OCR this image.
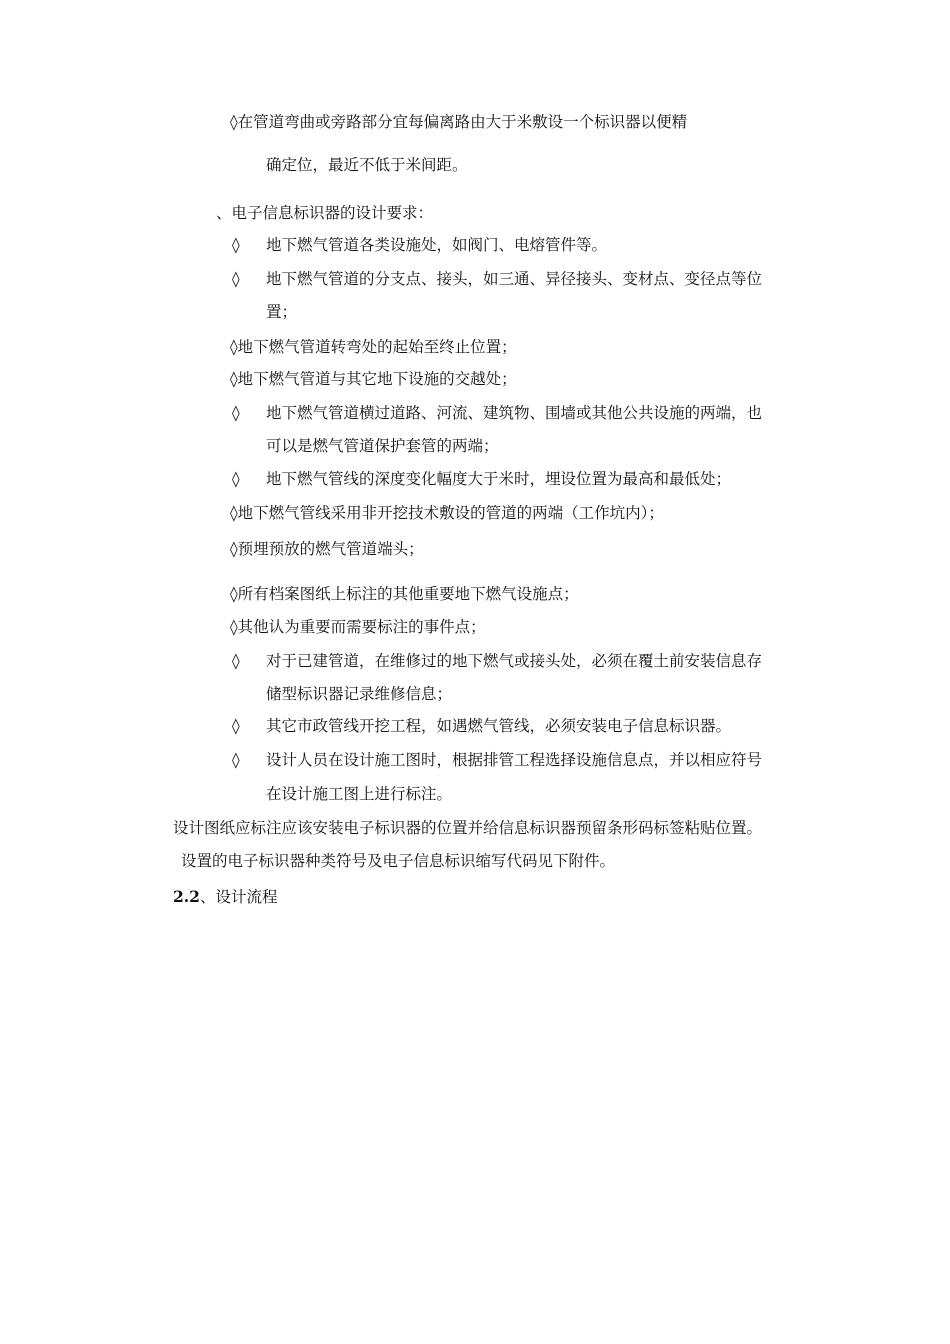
◊在管道弯曲或旁路部分宜每偏离路由大于米敷设一个标识器以便精
确定位，最近不低于米间距。
、电子信息标识器的设计要求：
◊ 地下燃气管道各类设施处，如阀门、电熔管件等。
◊ 地下燃气管道的分支点、接头，如三通、异径接头、变材点、变径点等位
置；
◊地下燃气管道转弯处的起始至终止位置；
◊地下燃气管道与其它地下设施的交越处；
◊ 地下燃气管道横过道路、河流、建筑物、围墙或其他公共设施的两端，也
可以是燃气管道保护套管的两端；
◊ 地下燃气管线的深度变化幅度大于米时，埋设位置为最高和最低处；
◊地下燃气管线采用非开挖技术敷设的管道的两端（工作坑内）；
◊预埋预放的燃气管道端头；
◊所有档案图纸上标注的其他重要地下燃气设施点；
◊其他认为重要而需要标注的事件点；
◊ 对于已建管道，在维修过的地下燃气或接头处，必须在覆土前安装信息存
储型标识器记录维修信息；
◊ 其它市政管线开挖工程，如遇燃气管线，必须安装电子信息标识器。
◊ 设计人员在设计施工图时，根据排管工程选择设施信息点，并以相应符号
在设计施工图上进行标注。
设计图纸应标注应该安装电子标识器的位置并给信息标识器预留条形码标签粘贴位置。
设置的电子标识器种类符号及电子信息标识缩写代码见下附件。
2.2、设计流程
